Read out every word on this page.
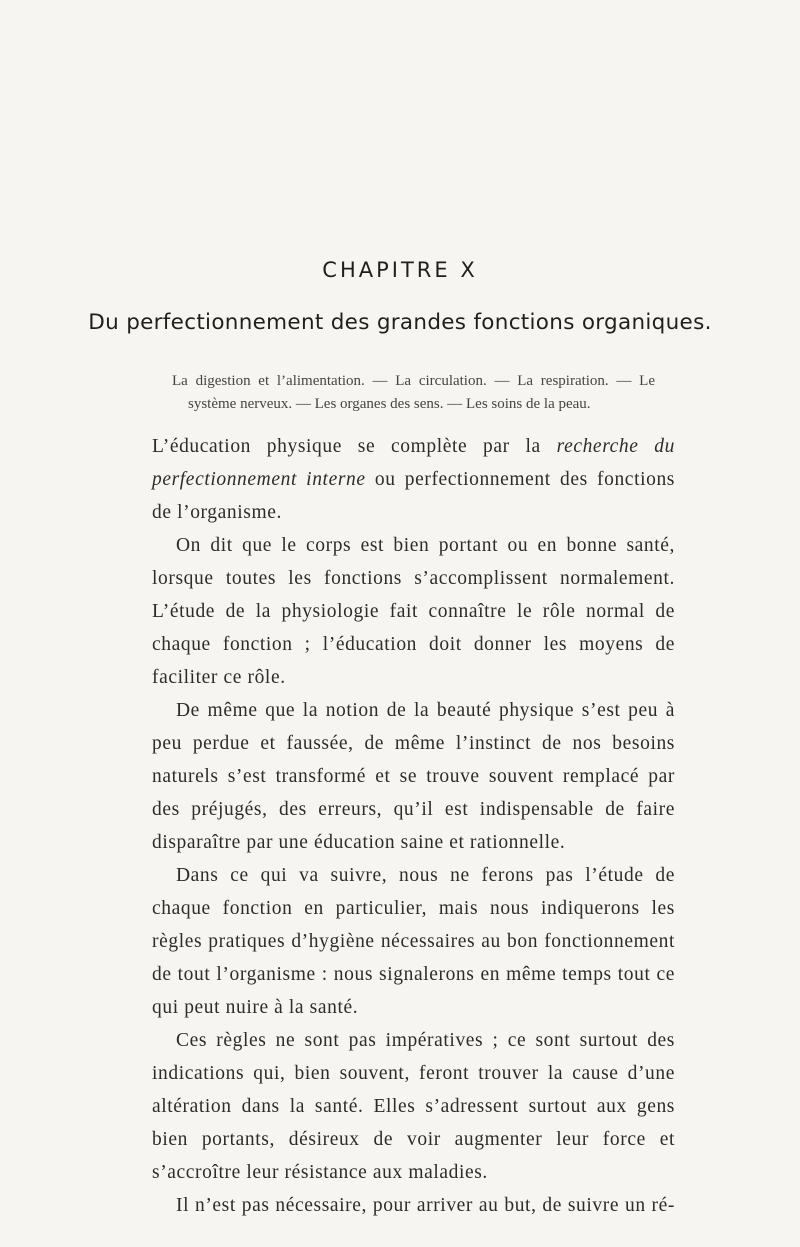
CHAPITRE X
Du perfectionnement des grandes fonctions organiques.
La digestion et l’alimentation. — La circulation. — La respiration. — Le système nerveux. — Les organes des sens. — Les soins de la peau.

L’éducation physique se complète par la recherche du perfectionnement interne ou perfectionnement des fonctions de l’organisme.

On dit que le corps est bien portant ou en bonne santé, lorsque toutes les fonctions s’accomplissent normalement. L’étude de la physiologie fait connaître le rôle normal de chaque fonction ; l’éducation doit donner les moyens de faciliter ce rôle.

De même que la notion de la beauté physique s’est peu à peu perdue et faussée, de même l’instinct de nos besoins naturels s’est transformé et se trouve souvent remplacé par des préjugés, des erreurs, qu’il est indispensable de faire disparaître par une éducation saine et rationnelle.

Dans ce qui va suivre, nous ne ferons pas l’étude de chaque fonction en particulier, mais nous indiquerons les règles pratiques d’hygiène nécessaires au bon fonctionnement de tout l’organisme : nous signalerons en même temps tout ce qui peut nuire à la santé.

Ces règles ne sont pas impératives ; ce sont surtout des indications qui, bien souvent, feront trouver la cause d’une altération dans la santé. Elles s’adressent surtout aux gens bien portants, désireux de voir augmenter leur force et s’accroître leur résistance aux maladies.

Il n’est pas nécessaire, pour arriver au but, de suivre un ré-
